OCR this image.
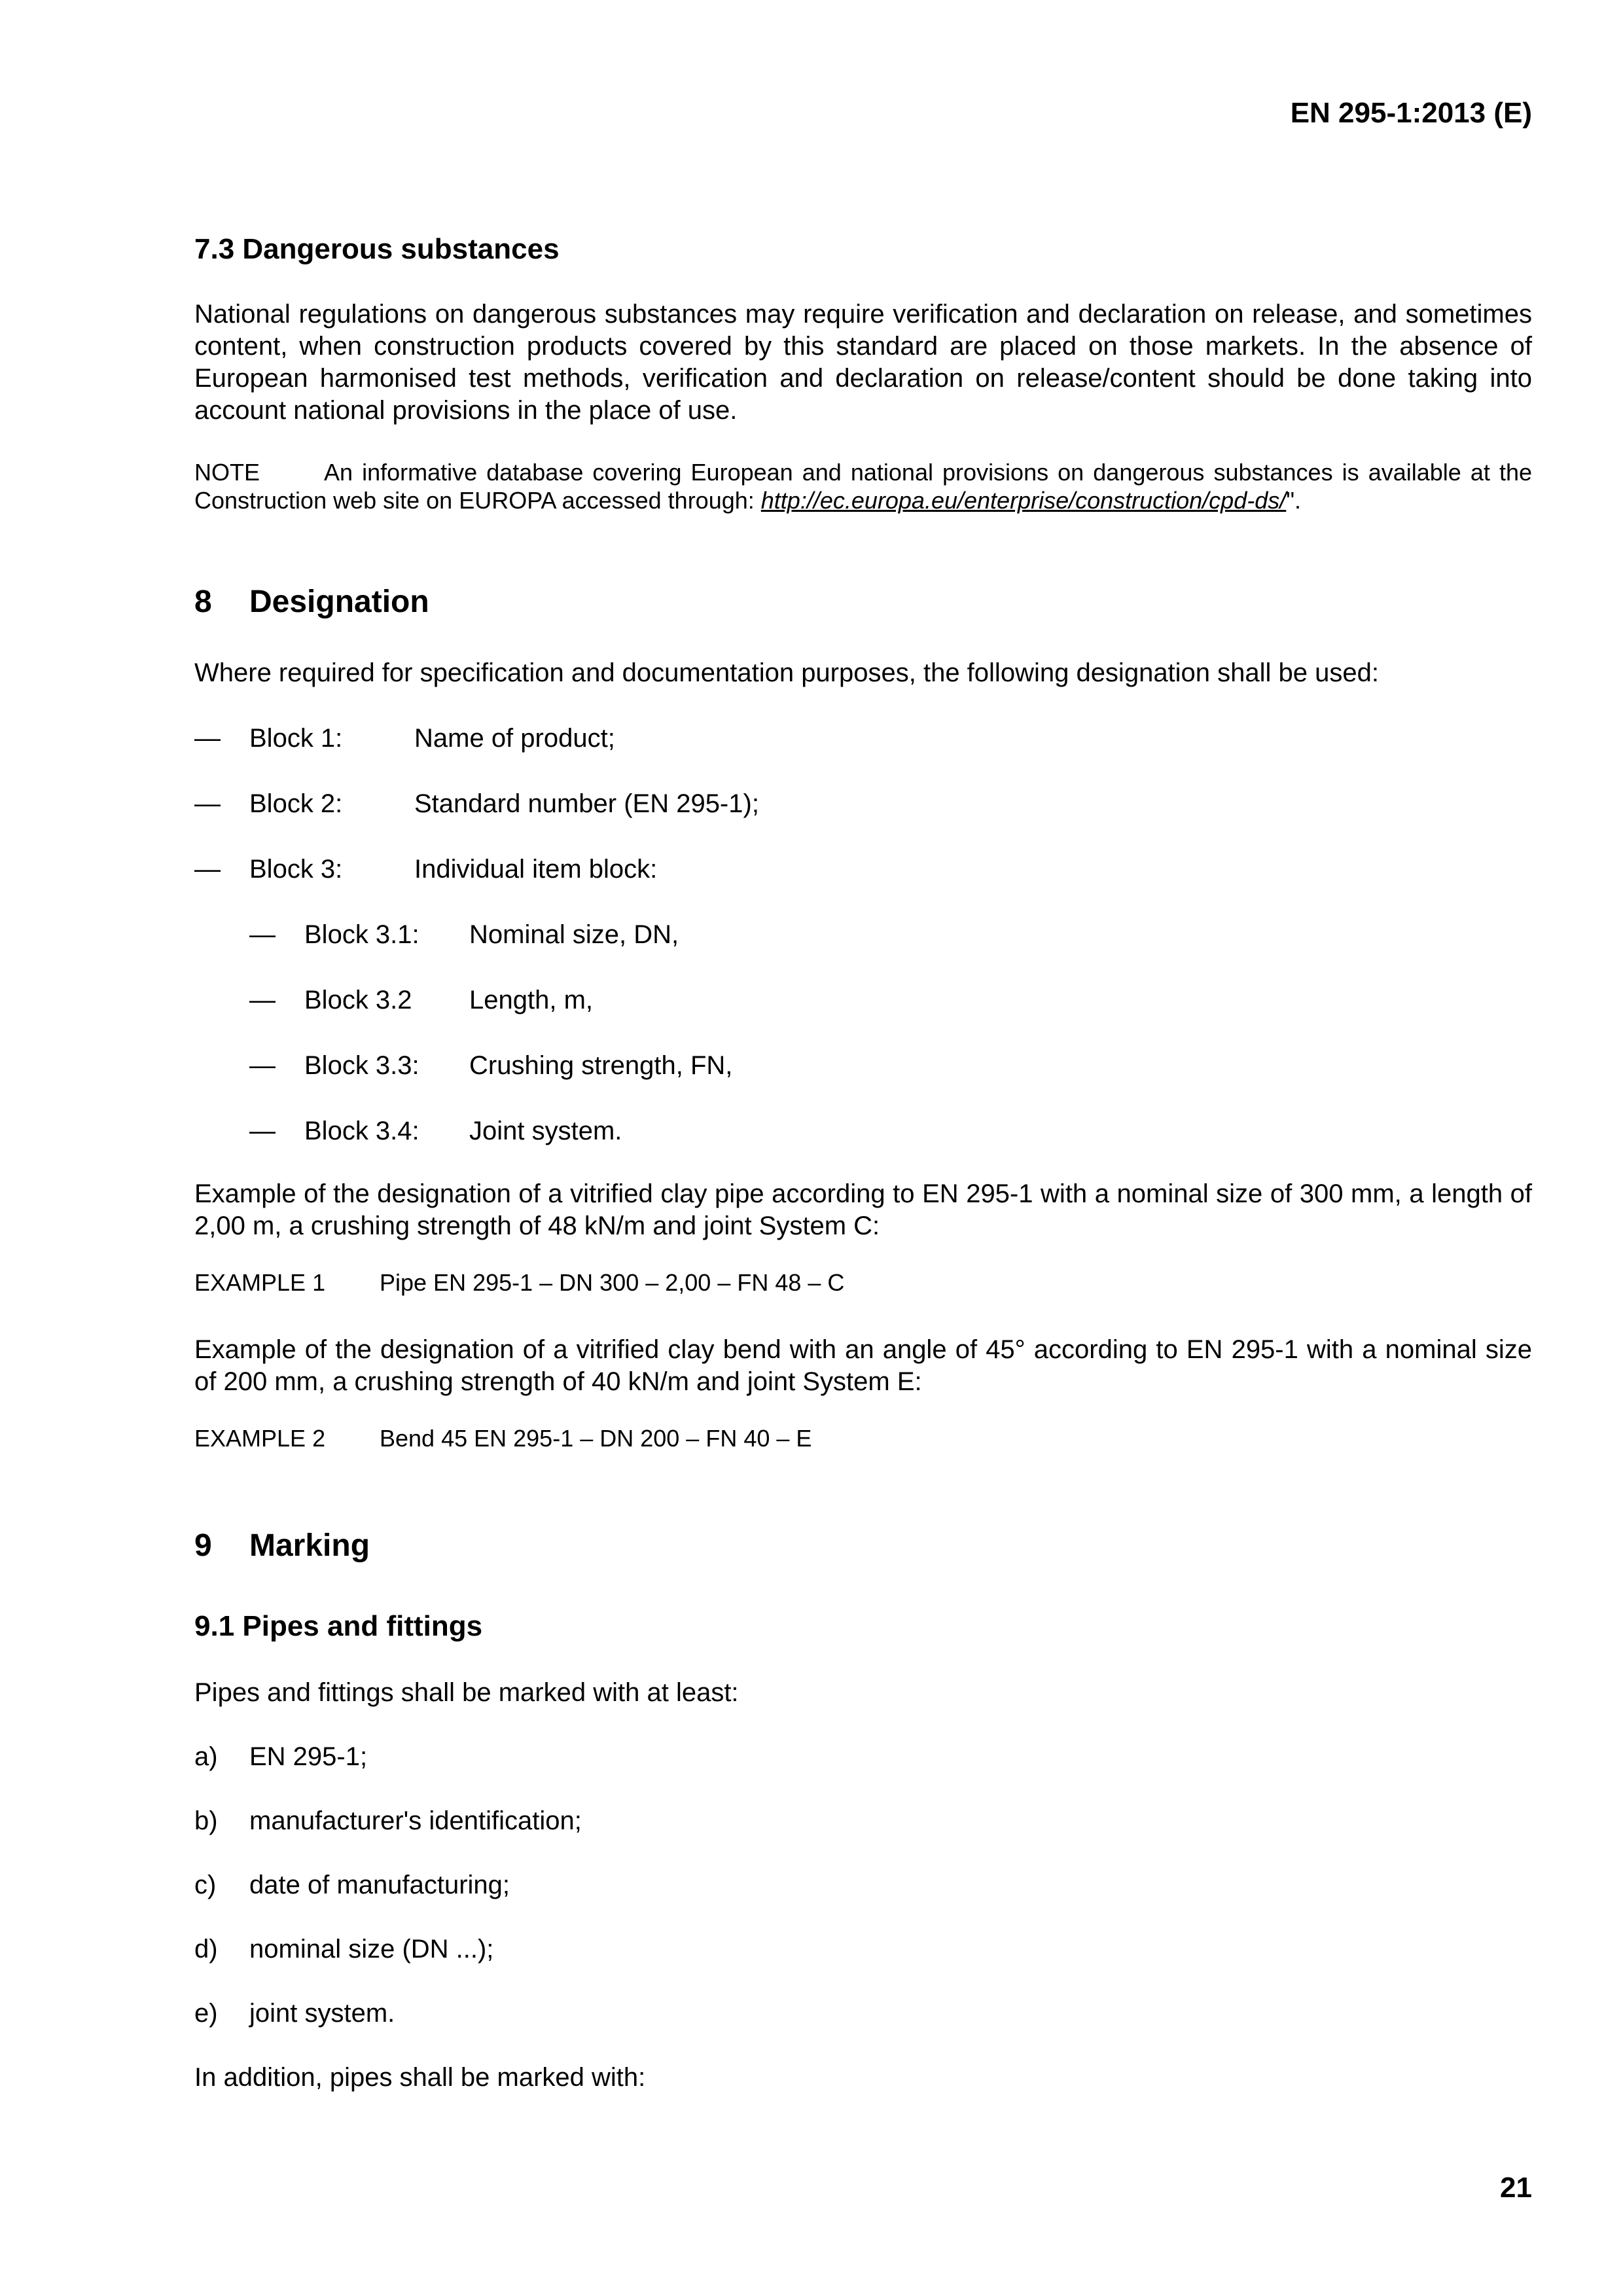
EN 295-1:2013 (E)
7.3 Dangerous substances
National regulations on dangerous substances may require verification and declaration on release, and sometimes content, when construction products covered by this standard are placed on those markets. In the absence of European harmonised test methods, verification and declaration on release/content should be done taking into account national provisions in the place of use.
NOTE	An informative database covering European and national provisions on dangerous substances is available at the Construction web site on EUROPA accessed through: http://ec.europa.eu/enterprise/construction/cpd-ds/".
8 Designation
Where required for specification and documentation purposes, the following designation shall be used:
— Block 1:	Name of product;
— Block 2:	Standard number (EN 295-1);
— Block 3:	Individual item block:
— Block 3.1: Nominal size, DN,
— Block 3.2 Length, m,
— Block 3.3: Crushing strength, FN,
— Block 3.4: Joint system.
Example of the designation of a vitrified clay pipe according to EN 295-1 with a nominal size of 300 mm, a length of 2,00 m, a crushing strength of 48 kN/m and joint System C:
EXAMPLE 1 Pipe EN 295-1 – DN 300 – 2,00 – FN 48 – C
Example of the designation of a vitrified clay bend with an angle of 45° according to EN 295-1 with a nominal size of 200 mm, a crushing strength of 40 kN/m and joint System E:
EXAMPLE 2 Bend 45 EN 295-1 – DN 200 – FN 40 – E
9 Marking
9.1 Pipes and fittings
Pipes and fittings shall be marked with at least:
a) EN 295-1;
b) manufacturer's identification;
c) date of manufacturing;
d) nominal size (DN ...);
e) joint system.
In addition, pipes shall be marked with:
21
